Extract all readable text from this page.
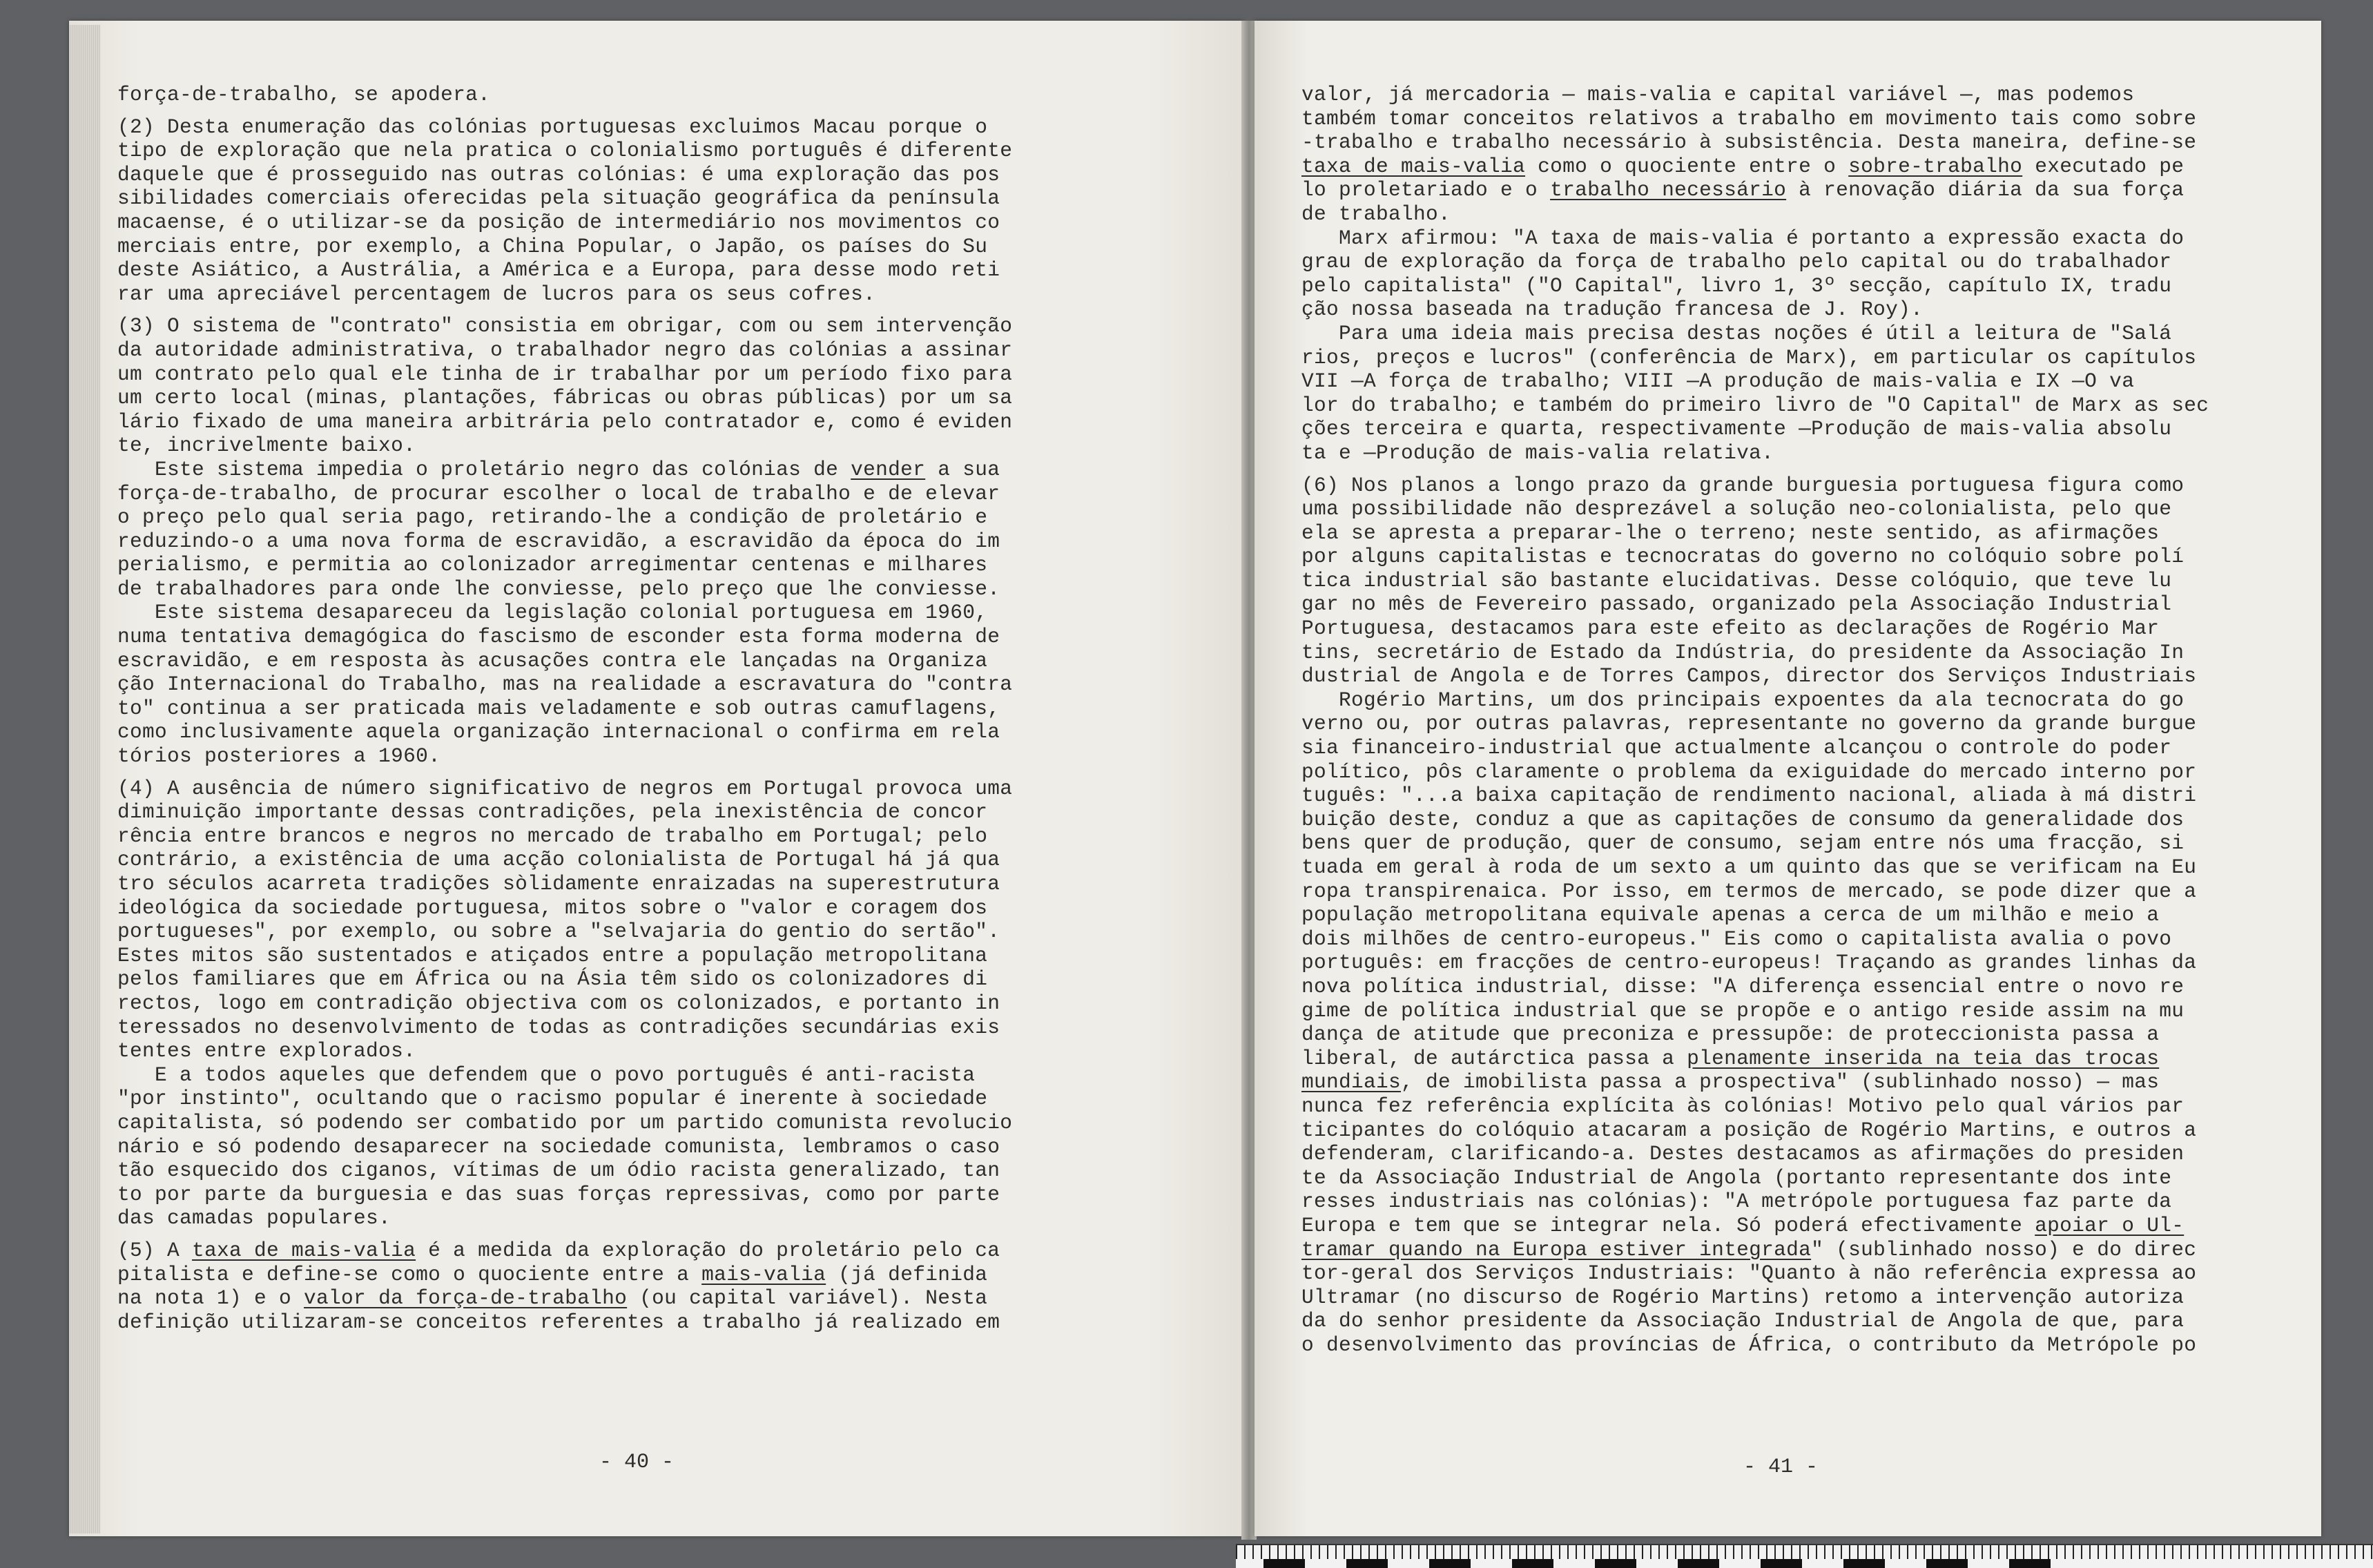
força-de-trabalho, se apodera.
(2) Desta enumeração das colónias portuguesas excluimos Macau porque o
tipo de exploração que nela pratica o colonialismo português é diferente
daquele que é prosseguido nas outras colónias: é uma exploração das pos
sibilidades comerciais oferecidas pela situação geográfica da península
macaense, é o utilizar-se da posição de intermediário nos movimentos co
merciais entre, por exemplo, a China Popular, o Japão, os países do Su
deste Asiático, a Austrália, a América e a Europa, para desse modo reti
rar uma apreciável percentagem de lucros para os seus cofres.
(3) O sistema de "contrato" consistia em obrigar, com ou sem intervenção
da autoridade administrativa, o trabalhador negro das colónias a assinar
um contrato pelo qual ele tinha de ir trabalhar por um período fixo para
um certo local (minas, plantações, fábricas ou obras públicas) por um sa
lário fixado de uma maneira arbitrária pelo contratador e, como é eviden
te, incrivelmente baixo.
Este sistema impedia o proletário negro das colónias de vender a sua
força-de-trabalho, de procurar escolher o local de trabalho e de elevar
o preço pelo qual seria pago, retirando-lhe a condição de proletário e
reduzindo-o a uma nova forma de escravidão, a escravidão da época do im
perialismo, e permitia ao colonizador arregimentar centenas e milhares
de trabalhadores para onde lhe conviesse, pelo preço que lhe conviesse.
Este sistema desapareceu da legislação colonial portuguesa em 1960,
numa tentativa demagógica do fascismo de esconder esta forma moderna de
escravidão, e em resposta às acusações contra ele lançadas na Organiza
ção Internacional do Trabalho, mas na realidade a escravatura do "contra
to" continua a ser praticada mais veladamente e sob outras camuflagens,
como inclusivamente aquela organização internacional o confirma em rela
tórios posteriores a 1960.
(4) A ausência de número significativo de negros em Portugal provoca uma
diminuição importante dessas contradições, pela inexistência de concor
rência entre brancos e negros no mercado de trabalho em Portugal; pelo
contrário, a existência de uma acção colonialista de Portugal há já qua
tro séculos acarreta tradições sòlidamente enraizadas na superestrutura
ideológica da sociedade portuguesa, mitos sobre o "valor e coragem dos
portugueses", por exemplo, ou sobre a "selvajaria do gentio do sertão".
Estes mitos são sustentados e atiçados entre a população metropolitana
pelos familiares que em África ou na Ásia têm sido os colonizadores di
rectos, logo em contradição objectiva com os colonizados, e portanto in
teressados no desenvolvimento de todas as contradições secundárias exis
tentes entre explorados.
E a todos aqueles que defendem que o povo português é anti-racista
"por instinto", ocultando que o racismo popular é inerente à sociedade
capitalista, só podendo ser combatido por um partido comunista revolucio
nário e só podendo desaparecer na sociedade comunista, lembramos o caso
tão esquecido dos ciganos, vítimas de um ódio racista generalizado, tan
to por parte da burguesia e das suas forças repressivas, como por parte
das camadas populares.
(5) A taxa de mais-valia é a medida da exploração do proletário pelo ca
pitalista e define-se como o quociente entre a mais-valia (já definida
na nota 1) e o valor da força-de-trabalho (ou capital variável). Nesta
definição utilizaram-se conceitos referentes a trabalho já realizado em
valor, já mercadoria — mais-valia e capital variável —, mas podemos
também tomar conceitos relativos a trabalho em movimento tais como sobre
-trabalho e trabalho necessário à subsistência. Desta maneira, define-se
taxa de mais-valia como o quociente entre o sobre-trabalho executado pe
lo proletariado e o trabalho necessário à renovação diária da sua força
de trabalho.
Marx afirmou: "A taxa de mais-valia é portanto a expressão exacta do
grau de exploração da força de trabalho pelo capital ou do trabalhador
pelo capitalista" ("O Capital", livro 1, 3º secção, capítulo IX, tradu
ção nossa baseada na tradução francesa de J. Roy).
Para uma ideia mais precisa destas noções é útil a leitura de "Salá
rios, preços e lucros" (conferência de Marx), em particular os capítulos
VII —A força de trabalho; VIII —A produção de mais-valia e IX —O va
lor do trabalho; e também do primeiro livro de "O Capital" de Marx as sec
ções terceira e quarta, respectivamente —Produção de mais-valia absolu
ta e —Produção de mais-valia relativa.
(6) Nos planos a longo prazo da grande burguesia portuguesa figura como
uma possibilidade não desprezável a solução neo-colonialista, pelo que
ela se apresta a preparar-lhe o terreno; neste sentido, as afirmações
por alguns capitalistas e tecnocratas do governo no colóquio sobre polí
tica industrial são bastante elucidativas. Desse colóquio, que teve lu
gar no mês de Fevereiro passado, organizado pela Associação Industrial
Portuguesa, destacamos para este efeito as declarações de Rogério Mar
tins, secretário de Estado da Indústria, do presidente da Associação In
dustrial de Angola e de Torres Campos, director dos Serviços Industriais
Rogério Martins, um dos principais expoentes da ala tecnocrata do go
verno ou, por outras palavras, representante no governo da grande burgue
sia financeiro-industrial que actualmente alcançou o controle do poder
político, pôs claramente o problema da exiguidade do mercado interno por
tuguês: "...a baixa capitação de rendimento nacional, aliada à má distri
buição deste, conduz a que as capitações de consumo da generalidade dos
bens quer de produção, quer de consumo, sejam entre nós uma fracção, si
tuada em geral à roda de um sexto a um quinto das que se verificam na Eu
ropa transpirenaica. Por isso, em termos de mercado, se pode dizer que a
população metropolitana equivale apenas a cerca de um milhão e meio a
dois milhões de centro-europeus." Eis como o capitalista avalia o povo
português: em fracções de centro-europeus! Traçando as grandes linhas da
nova política industrial, disse: "A diferença essencial entre o novo re
gime de política industrial que se propõe e o antigo reside assim na mu
dança de atitude que preconiza e pressupõe: de proteccionista passa a
liberal, de autárctica passa a plenamente inserida na teia das trocas
mundiais, de imobilista passa a prospectiva" (sublinhado nosso) — mas
nunca fez referência explícita às colónias! Motivo pelo qual vários par
ticipantes do colóquio atacaram a posição de Rogério Martins, e outros a
defenderam, clarificando-a. Destes destacamos as afirmações do presiden
te da Associação Industrial de Angola (portanto representante dos inte
resses industriais nas colónias): "A metrópole portuguesa faz parte da
Europa e tem que se integrar nela. Só poderá efectivamente apoiar o Ul-
tramar quando na Europa estiver integrada" (sublinhado nosso) e do direc
tor-geral dos Serviços Industriais: "Quanto à não referência expressa ao
Ultramar (no discurso de Rogério Martins) retomo a intervenção autoriza
da do senhor presidente da Associação Industrial de Angola de que, para
o desenvolvimento das províncias de África, o contributo da Metrópole po
- 40 -	- 41 -
